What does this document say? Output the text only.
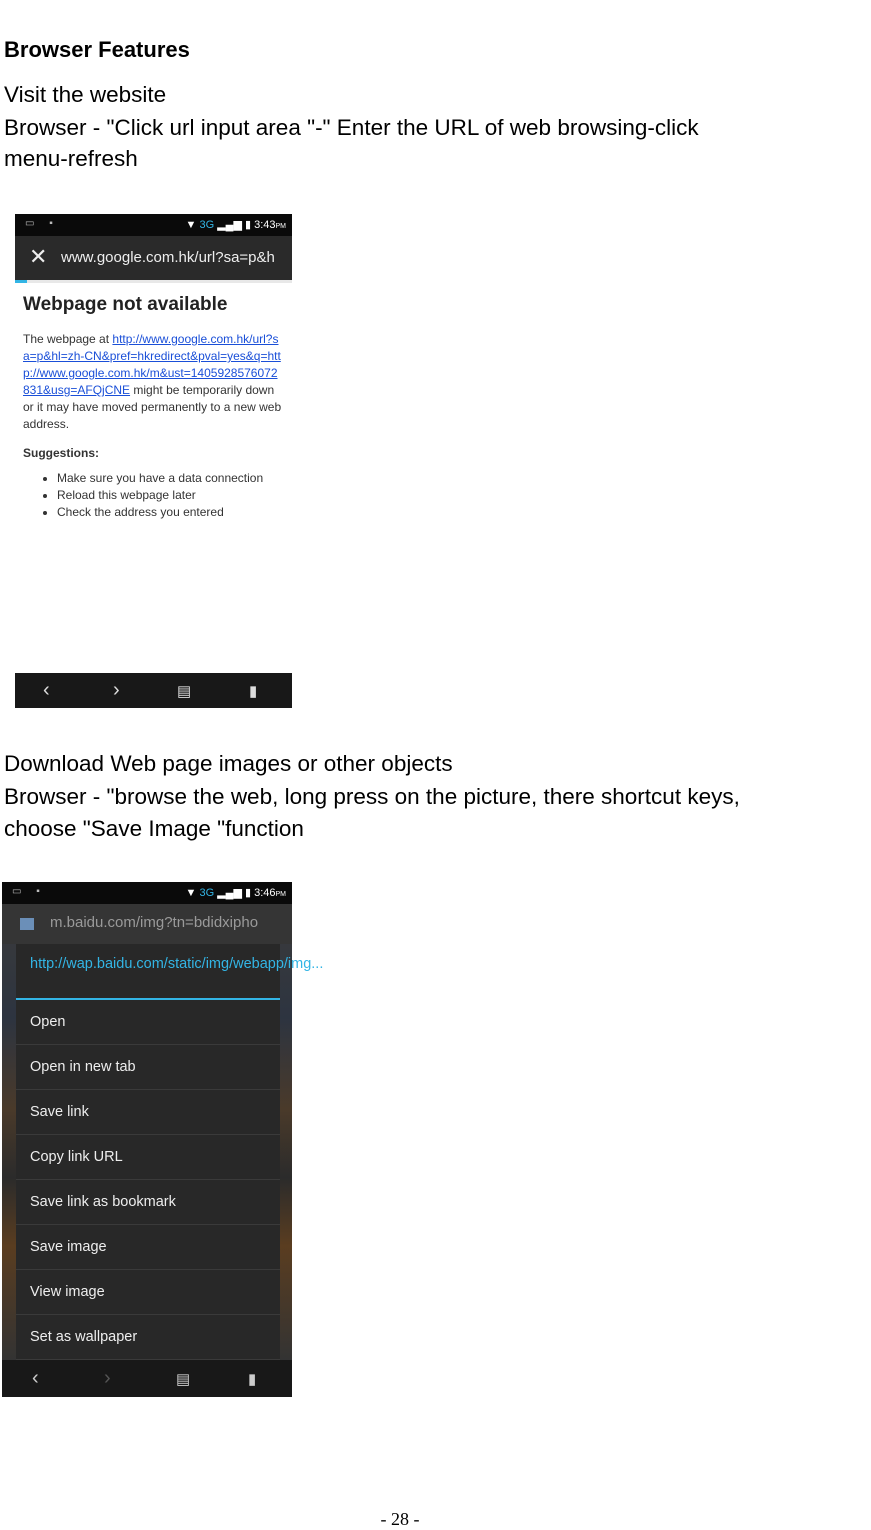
Browser Features

Visit the website

Browser - "Click url input area "-" Enter the URL of web browsing-click

menu-refresh

▭ ▪	▼ 3G ▂▄▆ ▮ 3:43PM
✕ www.google.com.hk/url?sa=p&h
Webpage not available
The webpage at http://www.google.com.hk/url?sa=p&hl=zh-CN&pref=hkredirect&pval=yes&q=http://www.google.com.hk/m&ust=1405928576072831&usg=AFQjCNE might be temporarily down or it may have moved permanently to a new web address.
Suggestions:
• Make sure you have a data connection
• Reload this webpage later
• Check the address you entered
‹	›	▤	▮

Download Web page images or other objects

Browser - "browse the web, long press on the picture, there shortcut keys,

choose "Save Image "function

▭ ▪	▼ 3G ▂▄▆ ▮ 3:46PM
m.baidu.com/img?tn=bdidxipho
http://wap.baidu.com/static/img/webapp/img...
Open
Open in new tab
Save link
Copy link URL
Save link as bookmark
Save image
View image
Set as wallpaper
‹	›	▤	▮
- 28 -
